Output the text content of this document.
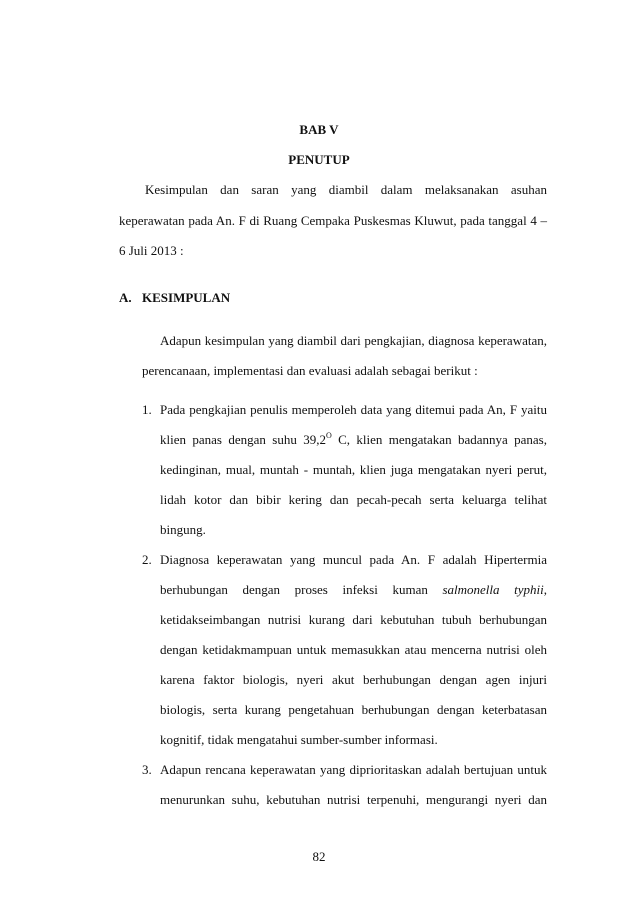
BAB V
PENUTUP
Kesimpulan dan saran yang diambil dalam melaksanakan asuhan
keperawatan pada An. F di Ruang Cempaka Puskesmas Kluwut, pada tanggal 4 –
6 Juli 2013 :
A. KESIMPULAN
Adapun kesimpulan yang diambil dari pengkajian, diagnosa keperawatan,
perencanaan, implementasi dan evaluasi adalah sebagai berikut :
1. Pada pengkajian penulis memperoleh data yang ditemui pada An, F yaitu
klien panas dengan suhu $39,2^O$ C, klien mengatakan badannya panas,
kedinginan, mual, muntah - muntah, klien juga mengatakan nyeri perut,
lidah kotor dan bibir kering dan pecah-pecah serta keluarga telihat
bingung.
2. Diagnosa keperawatan yang muncul pada An. F adalah Hipertermia
berhubungan dengan proses infeksi kuman salmonella typhii,
ketidakseimbangan nutrisi kurang dari kebutuhan tubuh berhubungan
dengan ketidakmampuan untuk memasukkan atau mencerna nutrisi oleh
karena faktor biologis, nyeri akut berhubungan dengan agen injuri
biologis, serta kurang pengetahuan berhubungan dengan keterbatasan
kognitif, tidak mengatahui sumber-sumber informasi.
3. Adapun rencana keperawatan yang diprioritaskan adalah bertujuan untuk
menurunkan suhu, kebutuhan nutrisi terpenuhi, mengurangi nyeri dan
82
